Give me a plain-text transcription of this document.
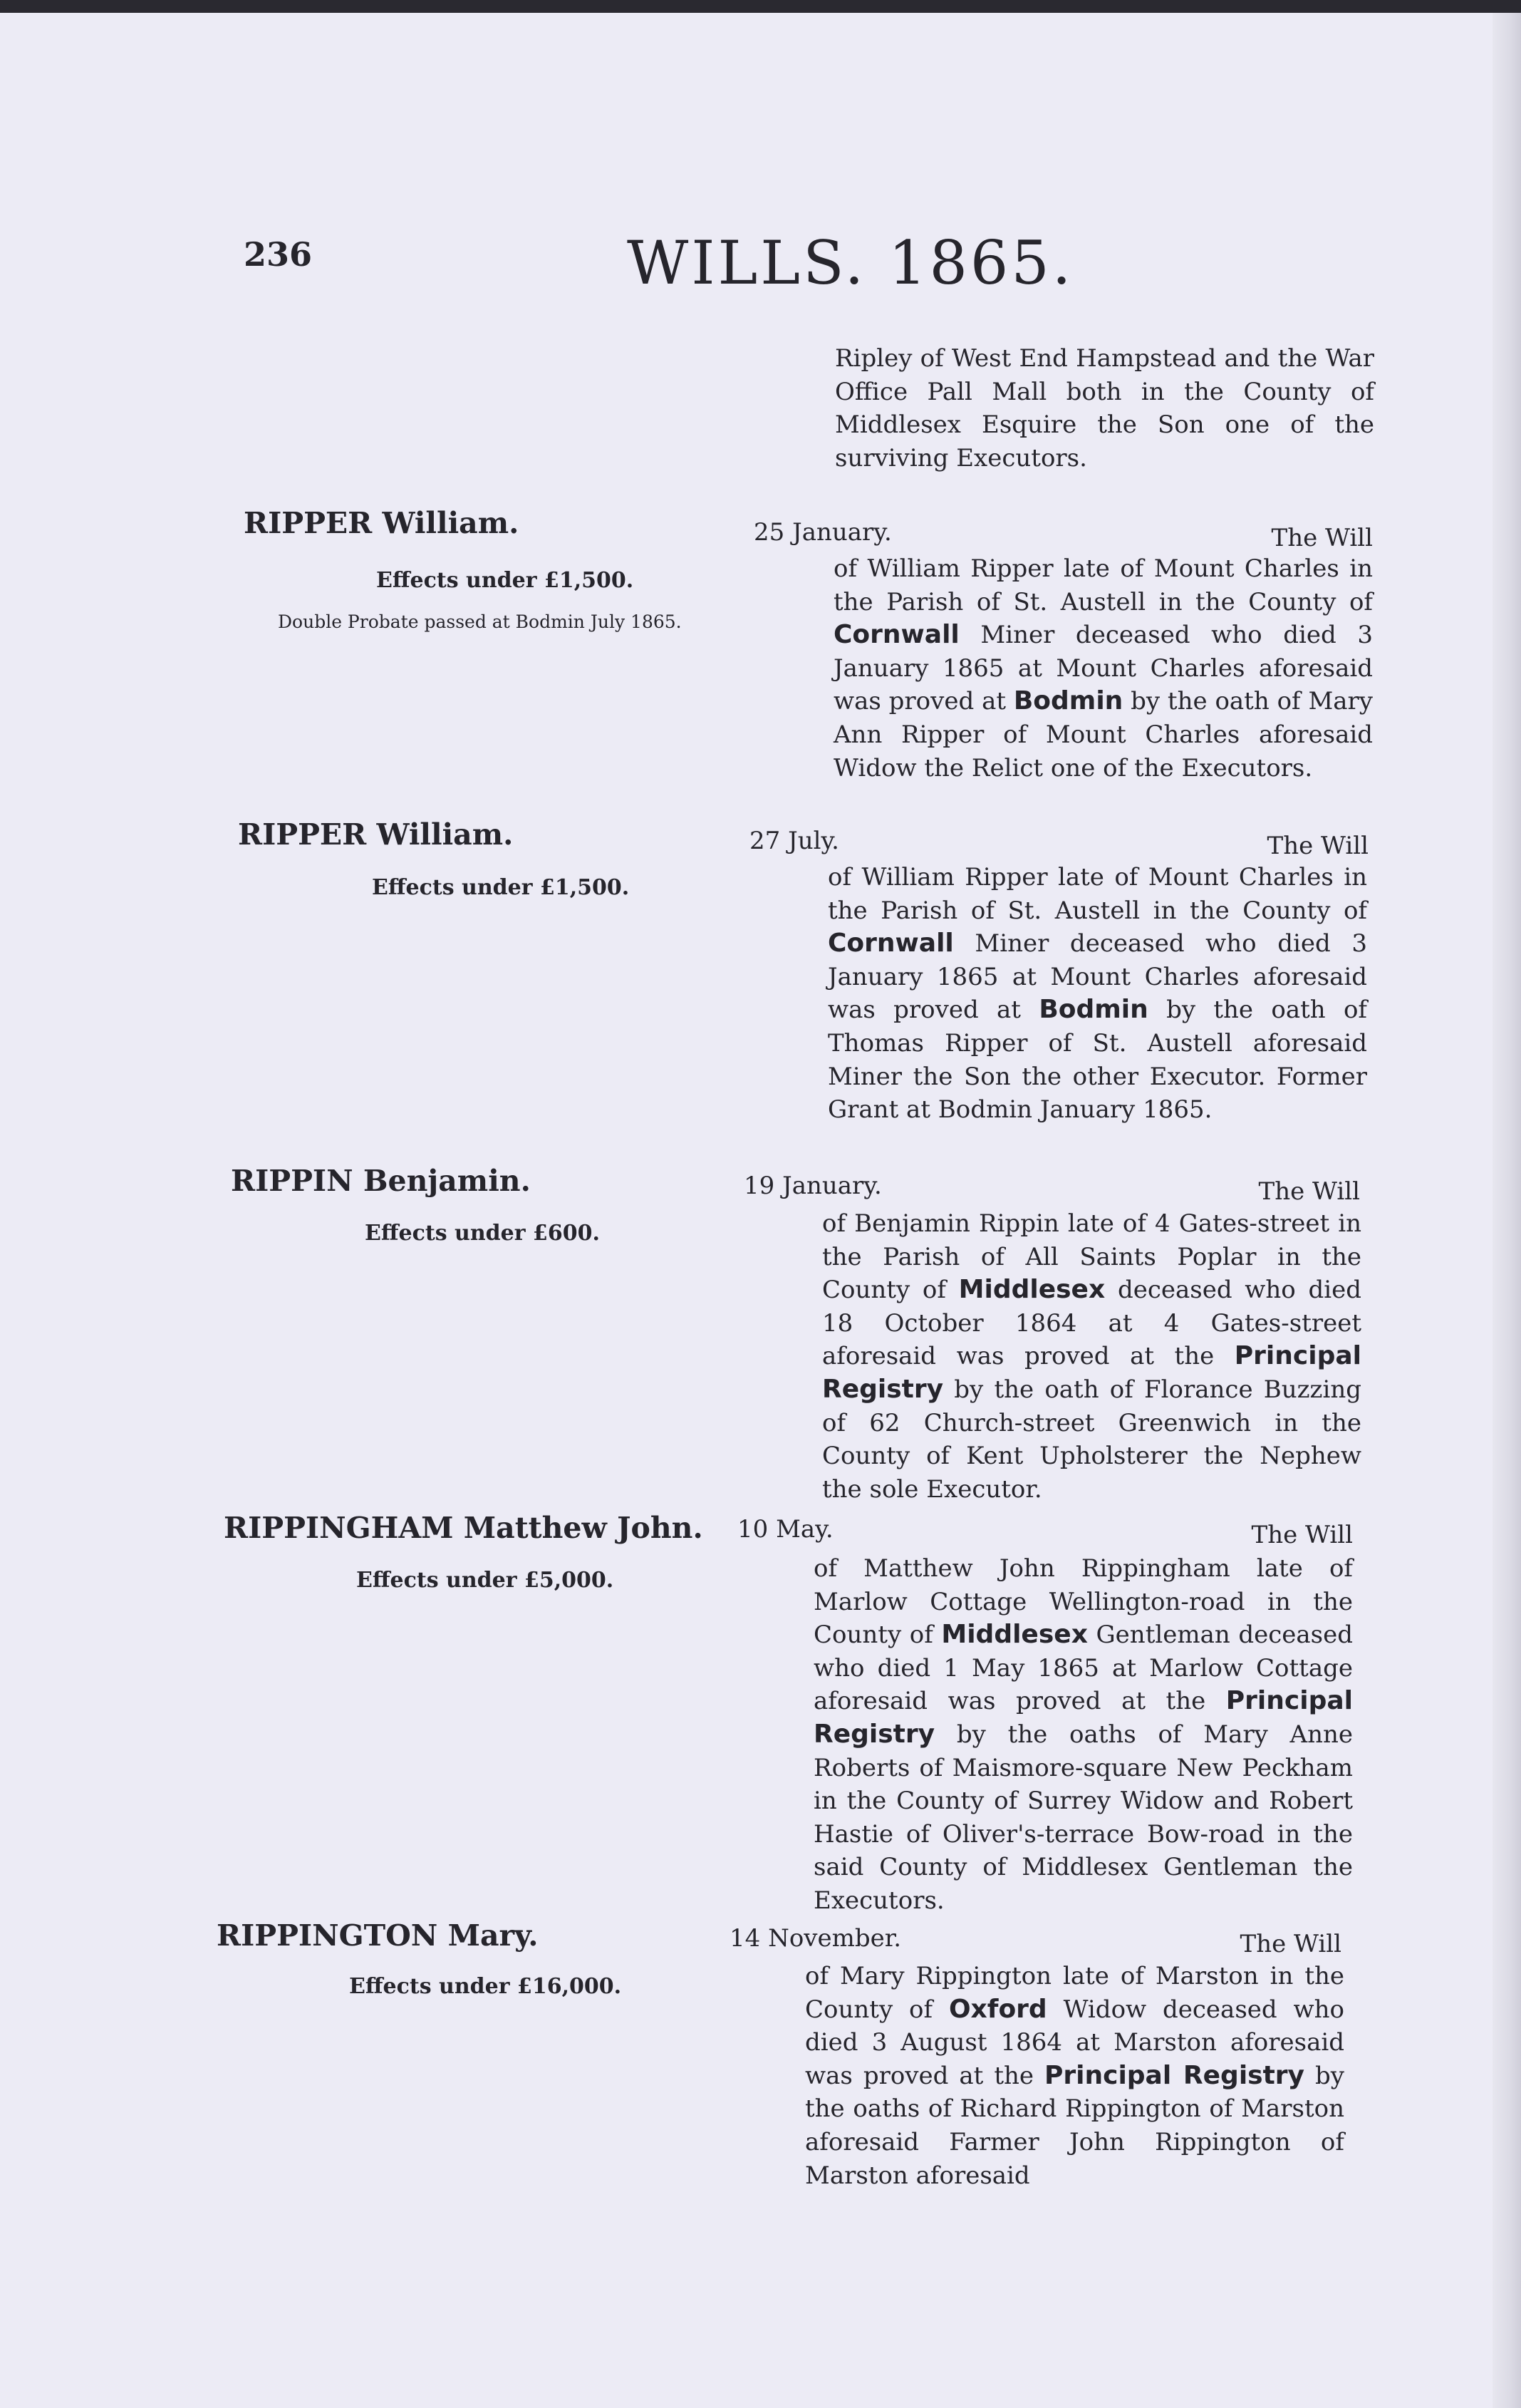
236	WILLS. 1865.

Ripley of West End Hampstead and the War Office Pall Mall both in the County of Middlesex Esquire the Son one of the surviving Executors.

RIPPER William.

Effects under £1,500.

Double Probate passed at Bodmin July 1865.

25 January.	The Will

of William Ripper late of Mount Charles in the Parish of St. Austell in the County of Cornwall Miner deceased who died 3 January 1865 at Mount Charles aforesaid was proved at Bodmin by the oath of Mary Ann Ripper of Mount Charles aforesaid Widow the Relict one of the Executors.

RIPPER William.

Effects under £1,500.

27 July.	The Will

of William Ripper late of Mount Charles in the Parish of St. Austell in the County of Cornwall Miner deceased who died 3 January 1865 at Mount Charles aforesaid was proved at Bodmin by the oath of Thomas Ripper of St. Austell aforesaid Miner the Son the other Executor. Former Grant at Bodmin January 1865.

RIPPIN Benjamin.

Effects under £600.

19 January.	The Will

of Benjamin Rippin late of 4 Gates-street in the Parish of All Saints Poplar in the County of Middlesex deceased who died 18 October 1864 at 4 Gates-street aforesaid was proved at the Principal Registry by the oath of Florance Buzzing of 62 Church-street Greenwich in the County of Kent Upholsterer the Nephew the sole Executor.

RIPPINGHAM Matthew John.

Effects under £5,000.

10 May.	The Will

of Matthew John Rippingham late of Marlow Cottage Wellington-road in the County of Middlesex Gentleman deceased who died 1 May 1865 at Marlow Cottage aforesaid was proved at the Principal Registry by the oaths of Mary Anne Roberts of Maismore-square New Peckham in the County of Surrey Widow and Robert Hastie of Oliver's-terrace Bow-road in the said County of Middlesex Gentleman the Executors.

RIPPINGTON Mary.

Effects under £16,000.

14 November.	The Will

of Mary Rippington late of Marston in the County of Oxford Widow deceased who died 3 August 1864 at Marston aforesaid was proved at the Principal Registry by the oaths of Richard Rippington of Marston aforesaid Farmer John Rippington of Marston aforesaid
